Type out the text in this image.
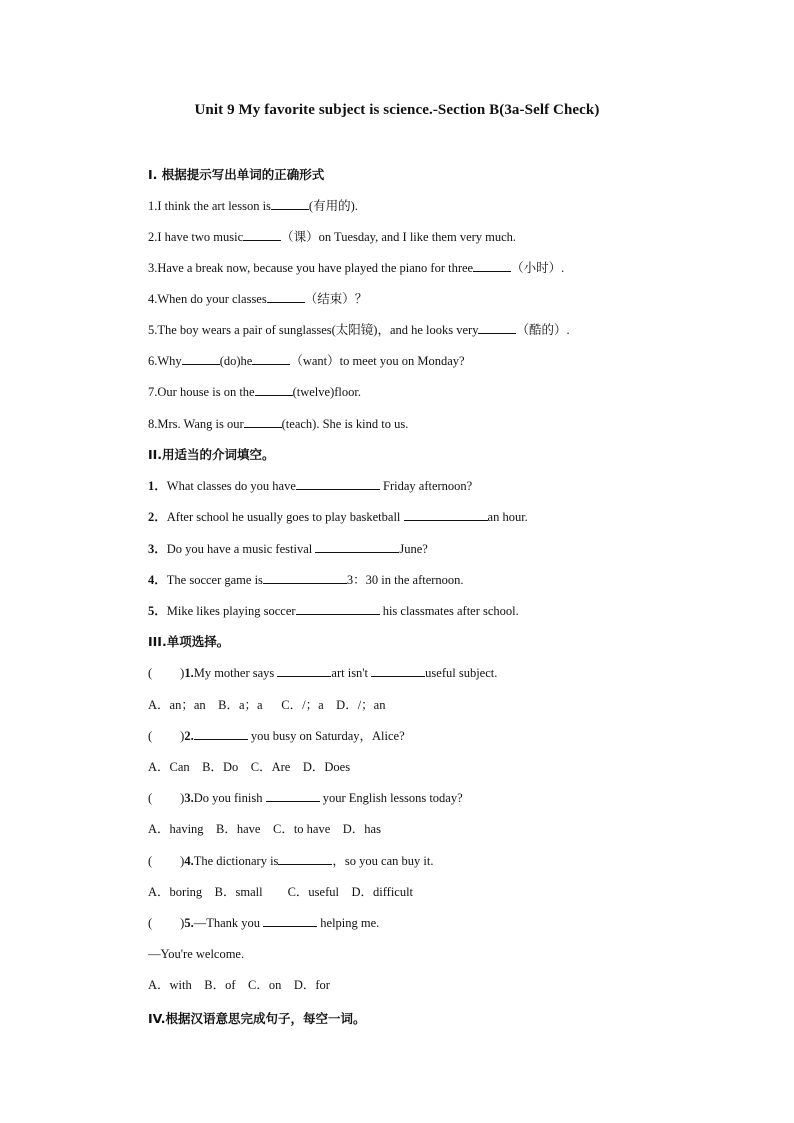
Unit 9 My favorite subject is science.-Section B(3a-Self Check)
Ⅰ. 根据提示写出单词的正确形式
1.I think the art lesson is	(有用的).
2.I have two music	（课）on Tuesday, and I like them very much.
3.Have a break now, because you have played the piano for three	（小时）.
4.When do your classes	（结束）？
5.The boy wears a pair of sunglasses(太阳镜)，and he looks very	（酷的）.
6.Why	(do)he	（want）to meet you on Monday?
7.Our house is on the	(twelve)floor.
8.Mrs. Wang is our	(teach). She is kind to us.
II.用适当的介词填空。
1．What classes do you have	Friday afternoon?
2．After school he usually goes to play basketball	an hour.
3．Do you have a music festival	June?
4．The soccer game is	3：30 in the afternoon.
5．Mike likes playing soccer	his classmates after school.
III.单项选择。
( )1.My mother says	art isn't	useful subject.
A．an；an    B．a；a      C．/；a    D．/；an
( )2.	you busy on Saturday，Alice?
A．Can    B．Do    C．Are    D．Does
( )3.Do you finish	your English lessons today?
A．having    B．have    C．to have    D．has
( )4.The dictionary is	，so you can buy it.
A．boring    B．small        C．useful    D．difficult
( )5.—Thank you	helping me.
—You're welcome.
A．with    B．of    C．on    D．for
IV.根据汉语意思完成句子，每空一词。
